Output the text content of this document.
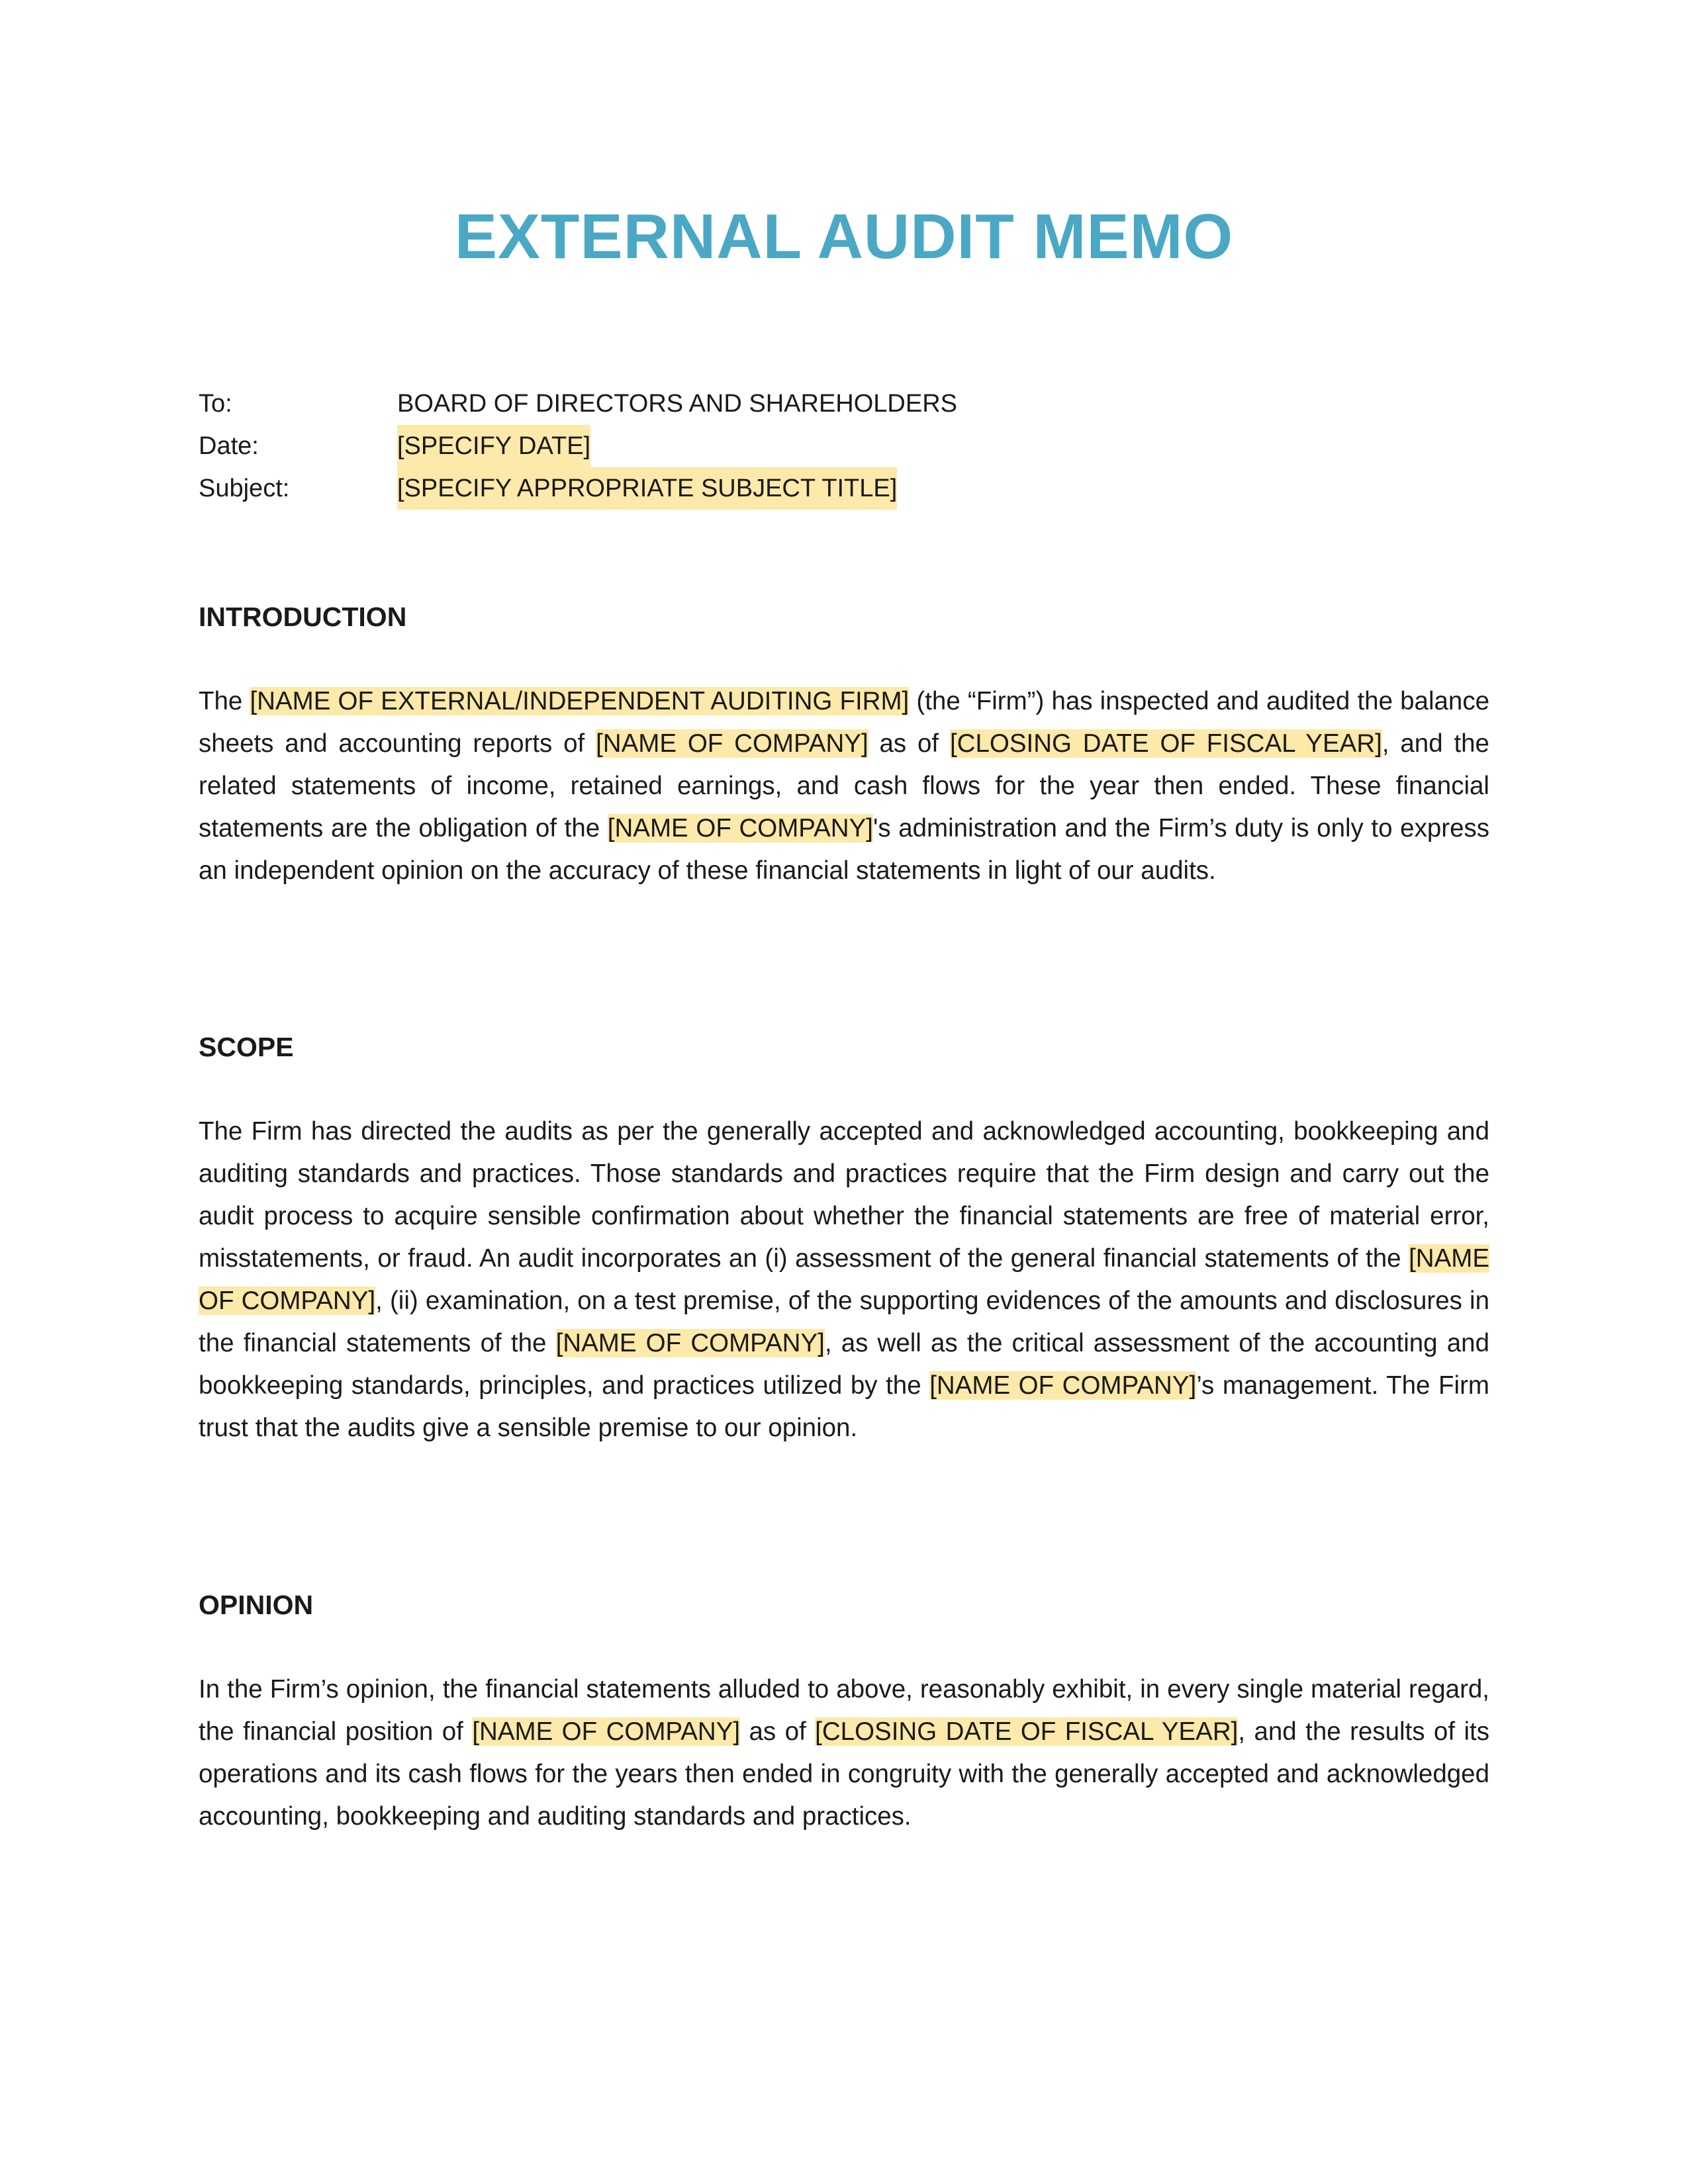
EXTERNAL AUDIT MEMO
To:	BOARD OF DIRECTORS AND SHAREHOLDERS
Date:	[SPECIFY DATE]
Subject:	[SPECIFY APPROPRIATE SUBJECT TITLE]
INTRODUCTION

The [NAME OF EXTERNAL/INDEPENDENT AUDITING FIRM] (the “Firm”) has inspected and audited the balance sheets and accounting reports of [NAME OF COMPANY] as of [CLOSING DATE OF FISCAL YEAR], and the related statements of income, retained earnings, and cash flows for the year then ended. These financial statements are the obligation of the [NAME OF COMPANY]'s administration and the Firm’s duty is only to express an independent opinion on the accuracy of these financial statements in light of our audits.

SCOPE

The Firm has directed the audits as per the generally accepted and acknowledged accounting, bookkeeping and auditing standards and practices. Those standards and practices require that the Firm design and carry out the audit process to acquire sensible confirmation about whether the financial statements are free of material error, misstatements, or fraud. An audit incorporates an (i) assessment of the general financial statements of the [NAME OF COMPANY], (ii) examination, on a test premise, of the supporting evidences of the amounts and disclosures in the financial statements of the [NAME OF COMPANY], as well as the critical assessment of the accounting and bookkeeping standards, principles, and practices utilized by the [NAME OF COMPANY]’s management. The Firm trust that the audits give a sensible premise to our opinion.

OPINION

In the Firm’s opinion, the financial statements alluded to above, reasonably exhibit, in every single material regard, the financial position of [NAME OF COMPANY] as of [CLOSING DATE OF FISCAL YEAR], and the results of its operations and its cash flows for the years then ended in congruity with the generally accepted and acknowledged accounting, bookkeeping and auditing standards and practices.
